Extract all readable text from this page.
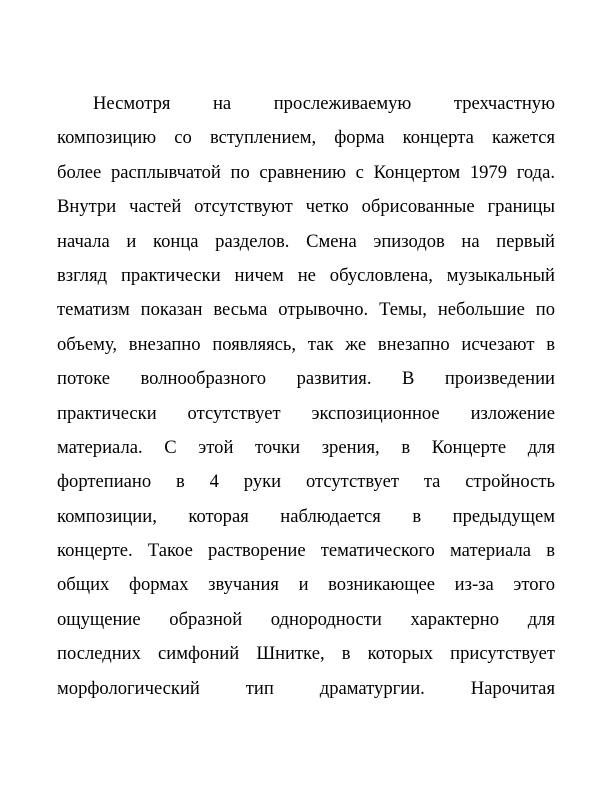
Несмотря на прослеживаемую трехчастную
композицию со вступлением, форма концерта кажется
более расплывчатой по сравнению с Концертом 1979 года.
Внутри частей отсутствуют четко обрисованные границы
начала и конца разделов. Смена эпизодов на первый
взгляд практически ничем не обусловлена, музыкальный
тематизм показан весьма отрывочно. Темы, небольшие по
объему, внезапно появляясь, так же внезапно исчезают в
потоке волнообразного развития. В произведении
практически отсутствует экспозиционное изложение
материала. С этой точки зрения, в Концерте для
фортепиано в 4 руки отсутствует та стройность
композиции, которая наблюдается в предыдущем
концерте. Такое растворение тематического материала в
общих формах звучания и возникающее из-за этого
ощущение образной однородности характерно для
последних симфоний Шнитке, в которых присутствует
морфологический тип драматургии. Нарочитая
